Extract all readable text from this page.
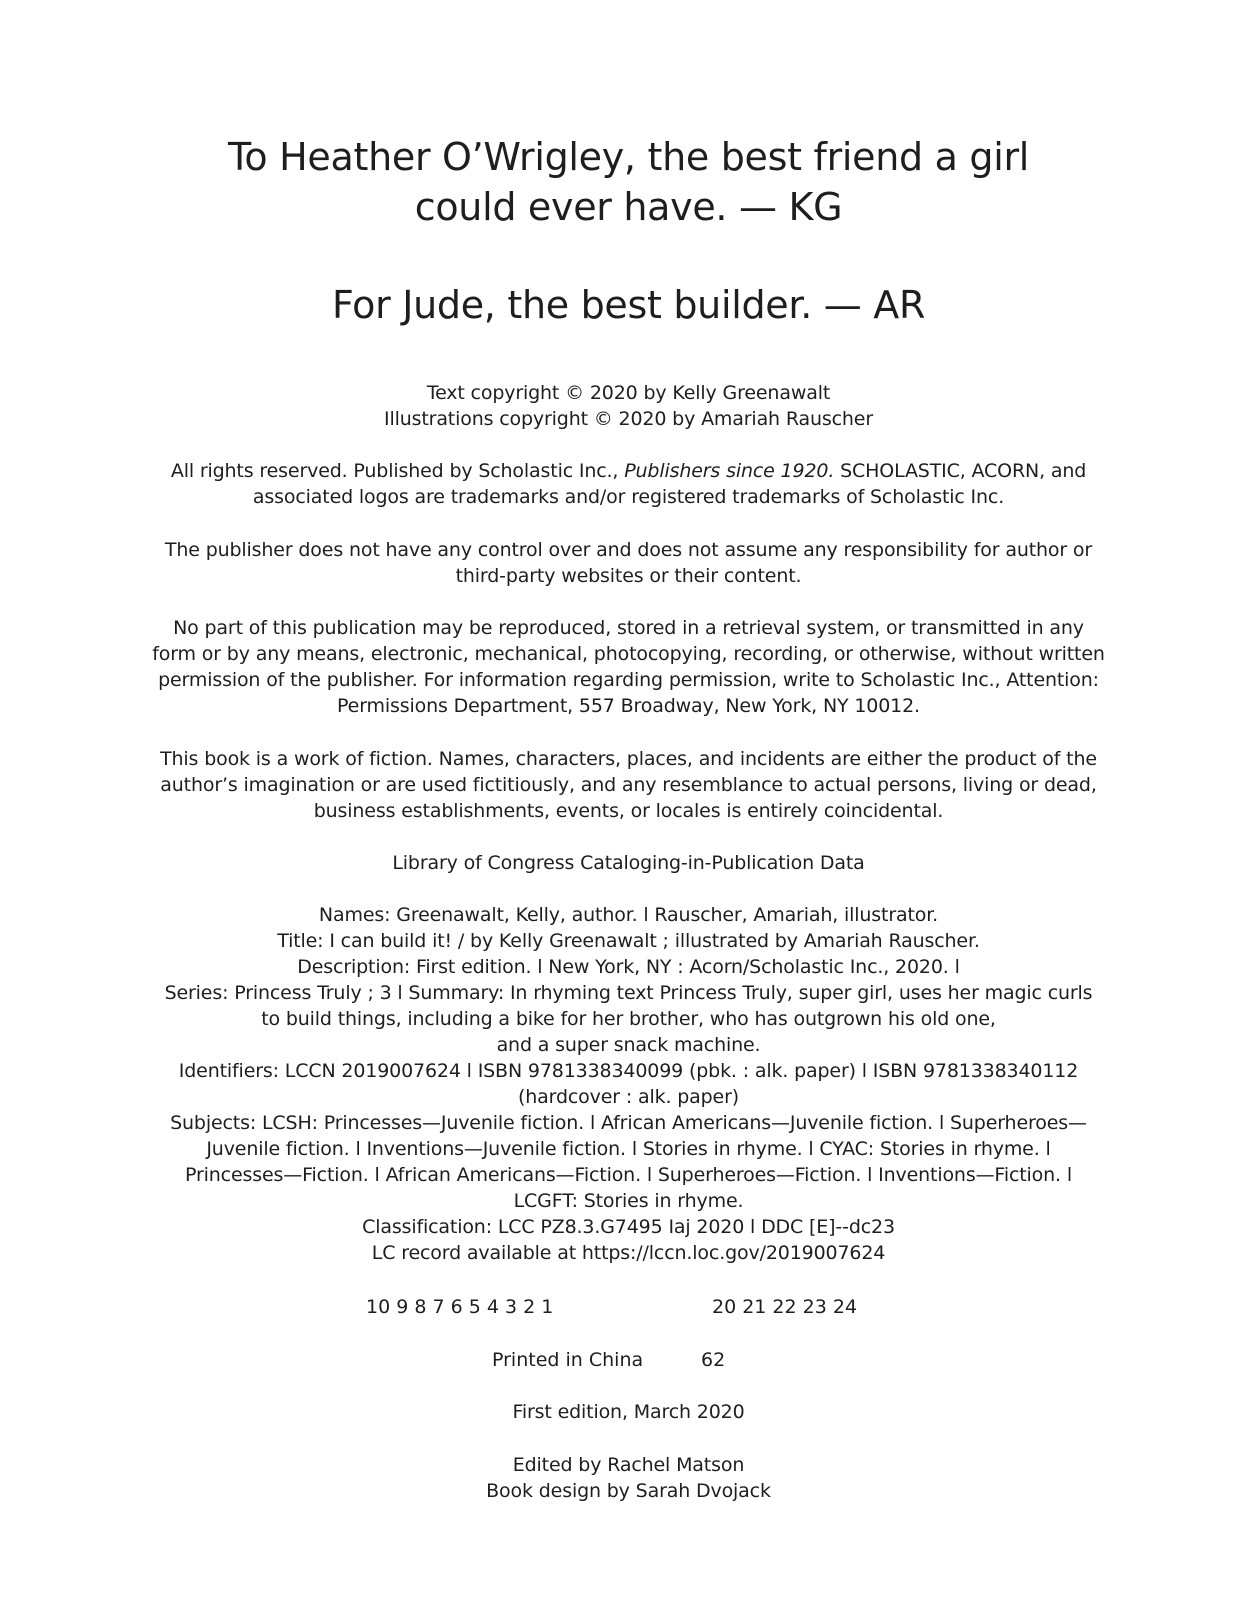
To Heather O’Wrigley, the best friend a girl
could ever have. — KG
For Jude, the best builder. — AR
Text copyright © 2020 by Kelly Greenawalt
Illustrations copyright © 2020 by Amariah Rauscher
All rights reserved. Published by Scholastic Inc., Publishers since 1920. SCHOLASTIC, ACORN, and
associated logos are trademarks and/or registered trademarks of Scholastic Inc.
The publisher does not have any control over and does not assume any responsibility for author or
third-party websites or their content.
No part of this publication may be reproduced, stored in a retrieval system, or transmitted in any
form or by any means, electronic, mechanical, photocopying, recording, or otherwise, without written
permission of the publisher. For information regarding permission, write to Scholastic Inc., Attention:
Permissions Department, 557 Broadway, New York, NY 10012.
This book is a work of fiction. Names, characters, places, and incidents are either the product of the
author’s imagination or are used fictitiously, and any resemblance to actual persons, living or dead,
business establishments, events, or locales is entirely coincidental.
Library of Congress Cataloging-in-Publication Data
Names: Greenawalt, Kelly, author. l Rauscher, Amariah, illustrator.
Title: I can build it! / by Kelly Greenawalt ; illustrated by Amariah Rauscher.
Description: First edition. l New York, NY : Acorn/Scholastic Inc., 2020. l
Series: Princess Truly ; 3 l Summary: In rhyming text Princess Truly, super girl, uses her magic curls
to build things, including a bike for her brother, who has outgrown his old one,
and a super snack machine.
Identifiers: LCCN 2019007624 l ISBN 9781338340099 (pbk. : alk. paper) l ISBN 9781338340112
(hardcover : alk. paper)
Subjects: LCSH: Princesses—Juvenile fiction. l African Americans—Juvenile fiction. l Superheroes—
Juvenile fiction. l Inventions—Juvenile fiction. l Stories in rhyme. l CYAC: Stories in rhyme. l
Princesses—Fiction. l African Americans—Fiction. l Superheroes—Fiction. l Inventions—Fiction. l
LCGFT: Stories in rhyme.
Classification: LCC PZ8.3.G7495 Iaj 2020 l DDC [E]--dc23
LC record available at https://lccn.loc.gov/2019007624
10 9 8 7 6 5 4 3 2 1	20 21 22 23 24
Printed in China	62
First edition, March 2020
Edited by Rachel Matson
Book design by Sarah Dvojack
